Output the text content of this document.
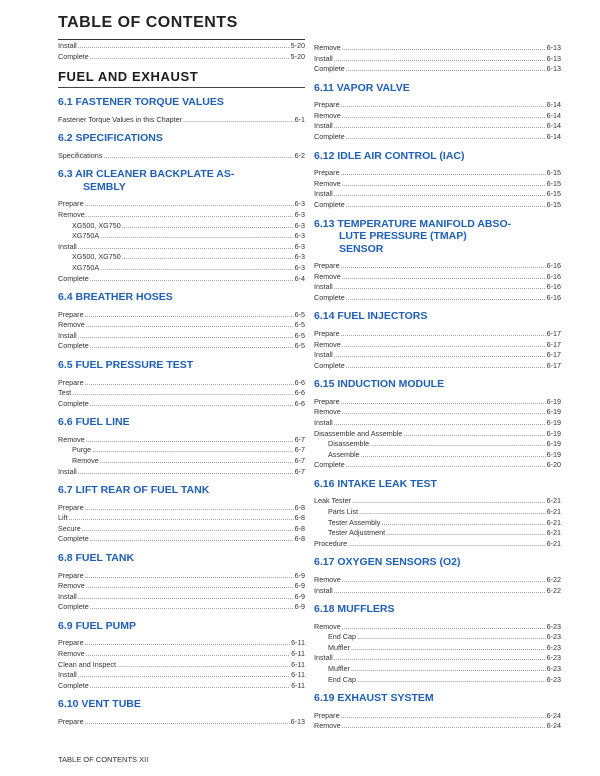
TABLE OF CONTENTS
Install .....	5-20
Complete .....	5-20
FUEL AND EXHAUST
6.1 FASTENER TORQUE VALUES
Fastener Torque Values in this Chapter .....	6-1
6.2 SPECIFICATIONS
Specifications .....	6-2
6.3 AIR CLEANER BACKPLATE AS-
SEMBLY
Prepare .....	6-3
Remove .....	6-3
XG500, XG750 .....	6-3
XG750A .....	6-3
Install .....	6-3
XG500, XG750 .....	6-3
XG750A .....	6-3
Complete .....	6-4
6.4 BREATHER HOSES
Prepare .....	6-5
Remove .....	6-5
Install .....	6-5
Complete .....	6-5
6.5 FUEL PRESSURE TEST
Prepare .....	6-6
Test .....	6-6
Complete .....	6-6
6.6 FUEL LINE
Remove .....	6-7
Purge .....	6-7
Remove .....	6-7
Install .....	6-7
6.7 LIFT REAR OF FUEL TANK
Prepare .....	6-8
Lift .....	6-8
Secure .....	6-8
Complete .....	6-8
6.8 FUEL TANK
Prepare .....	6-9
Remove .....	6-9
Install .....	6-9
Complete .....	6-9
6.9 FUEL PUMP
Prepare .....	6-11
Remove .....	6-11
Clean and Inspect .....	6-11
Install .....	6-11
Complete .....	6-11
6.10 VENT TUBE
Prepare .....	6-13
Remove .....	6-13
Install .....	6-13
Complete .....	6-13
6.11 VAPOR VALVE
Prepare .....	6-14
Remove .....	6-14
Install .....	6-14
Complete .....	6-14
6.12 IDLE AIR CONTROL (IAC)
Prepare .....	6-15
Remove .....	6-15
Install .....	6-15
Complete .....	6-15
6.13 TEMPERATURE MANIFOLD ABSO-
LUTE PRESSURE (TMAP)
SENSOR
Prepare .....	6-16
Remove .....	6-16
Install .....	6-16
Complete .....	6-16
6.14 FUEL INJECTORS
Prepare .....	6-17
Remove .....	6-17
Install .....	6-17
Complete .....	6-17
6.15 INDUCTION MODULE
Prepare .....	6-19
Remove .....	6-19
Install .....	6-19
Disassemble and Assemble .....	6-19
Disassemble .....	6-19
Assemble .....	6-19
Complete .....	6-20
6.16 INTAKE LEAK TEST
Leak Tester .....	6-21
Parts List .....	6-21
Tester Assembly .....	6-21
Tester Adjustment .....	6-21
Procedure .....	6-21
6.17 OXYGEN SENSORS (O2)
Remove .....	6-22
Install .....	6-22
6.18 MUFFLERS
Remove .....	6-23
End Cap .....	6-23
Muffler .....	6-23
Install .....	6-23
Muffler .....	6-23
End Cap .....	6-23
6.19 EXHAUST SYSTEM
Prepare .....	6-24
Remove .....	6-24
TABLE OF CONTENTS XII
